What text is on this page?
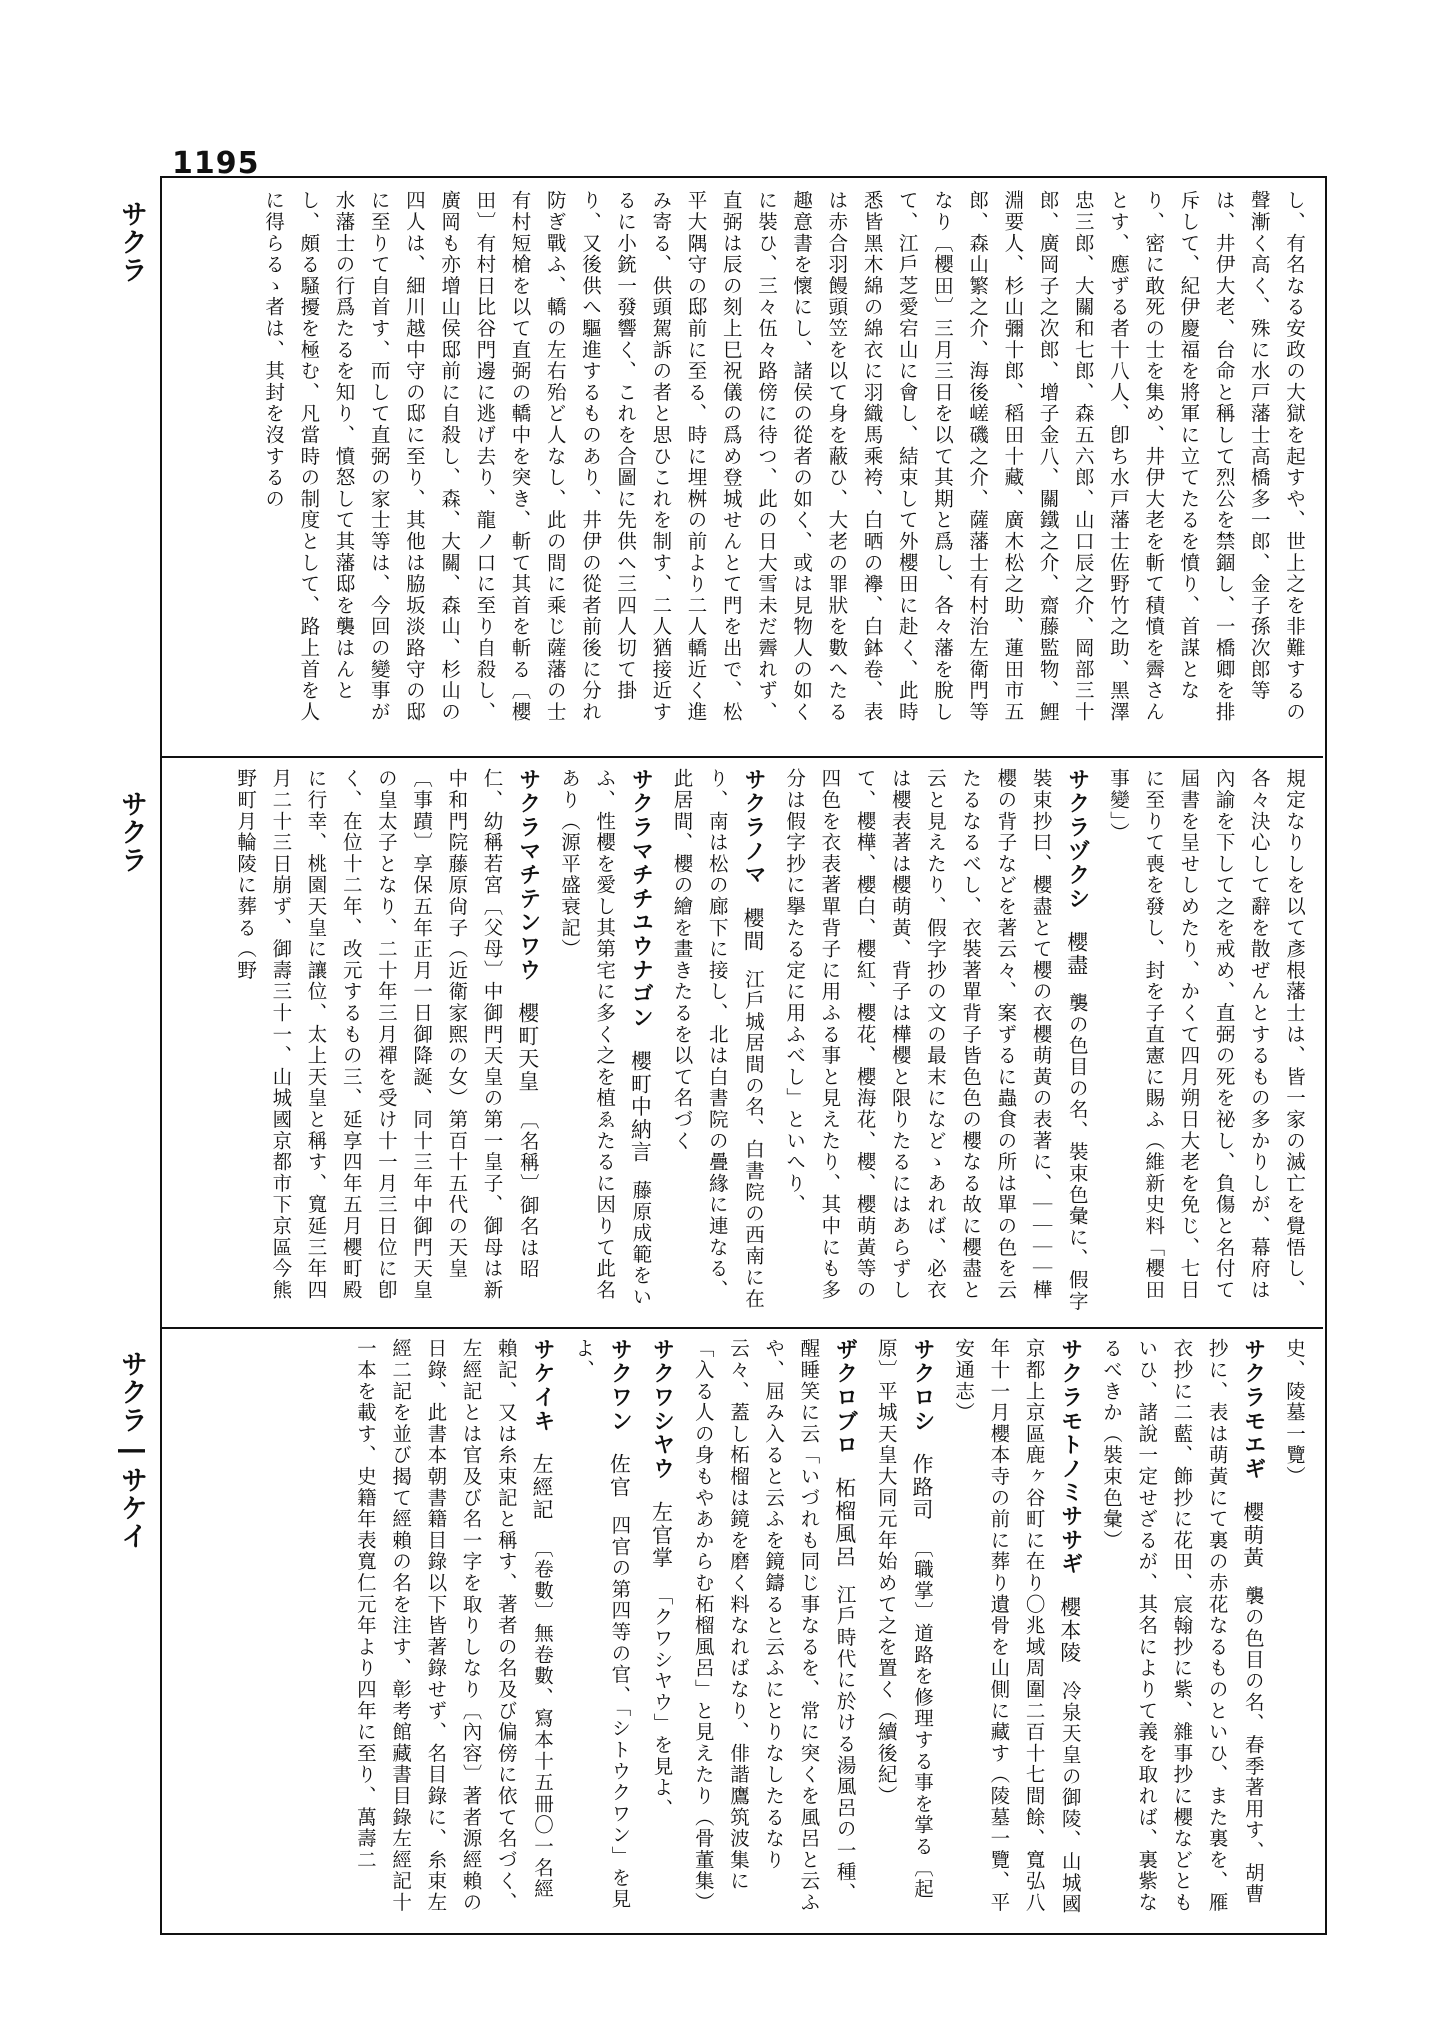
1195
サクラ
サクラ
サクラ―サケイ
し、有名なる安政の大獄を起すや、世上之を非難するの聲漸く高く、殊に水戸藩士高橋多一郎、金子孫次郎等は、井伊大老、台命と稱して烈公を禁錮し、一橋卿を排斥して、紀伊慶福を將軍に立てたるを憤り、首謀となり、密に敢死の士を集め、井伊大老を斬て積憤を霽さんとす、應ずる者十八人、卽ち水戸藩士佐野竹之助、黑澤忠三郎、大關和七郎、森五六郎、山口辰之介、岡部三十郎、廣岡子之次郎、增子金八、關鐵之介、齋藤監物、鯉淵要人、杉山彌十郎、稻田十藏、廣木松之助、蓮田市五郎、森山繁之介、海後嵯磯之介、薩藩士有村治左衛門等なり〔櫻田〕三月三日を以て其期と爲し、各々藩を脫して、江戶芝愛宕山に會し、結束して外櫻田に赴く、此時悉皆黑木綿の綿衣に羽織馬乘袴、白晒の襷、白鉢卷、表は赤合羽饅頭笠を以て身を蔽ひ、大老の罪狀を數へたる趣意書を懷にし、諸侯の從者の如く、或は見物人の如くに裝ひ、三々伍々路傍に待つ、此の日大雪未だ霽れず、直弼は辰の刻上巳祝儀の爲め登城せんとて門を出で、松平大隅守の邸前に至る、時に埋桝の前より二人轎近く進み寄る、供頭駕訴の者と思ひこれを制す、二人猶接近するに小銃一發響く、これを合圖に先供へ三四人切て掛り、又後供へ驅進するものあり、井伊の從者前後に分れ防ぎ戰ふ、轎の左右殆ど人なし、此の間に乘じ薩藩の士有村短槍を以て直弼の轎中を突き、斬て其首を斬る〔櫻田〕有村日比谷門邊に逃げ去り、龍ノ口に至り自殺し、廣岡も亦增山侯邸前に自殺し、森、大關、森山、杉山の四人は、細川越中守の邸に至り、其他は脇坂淡路守の邸に至りて自首す、而して直弼の家士等は、今回の變事が水藩士の行爲たるを知り、憤怒して其藩邸を襲はんとし、頗る騷擾を極む、凡當時の制度として、路上首を人に得らるゝ者は、其封を沒するの
規定なりしを以て彥根藩士は、皆一家の滅亡を覺悟し、各々決心して辭を散ぜんとするもの多かりしが、幕府は內諭を下して之を戒め、直弼の死を祕し、負傷と名付て屆書を呈せしめたり、かくて四月朔日大老を免じ、七日に至りて喪を發し、封を子直憲に賜ふ（維新史料「櫻田事變」）
サクラヅクシ 櫻盡 襲の色目の名、裝束色彙に、假字裝束抄曰、櫻盡とて櫻の衣櫻萌黃の表著に、｜｜｜｜樺櫻の背子などを著云々、案ずるに蟲食の所は單の色を云たるなるべし、衣裝著單背子皆色色の櫻なる故に櫻盡と云と見えたり、假字抄の文の最末になどゝあれば、必衣は櫻表著は櫻萌黃、背子は樺櫻と限りたるにはあらずして、櫻樺、櫻白、櫻紅、櫻花、櫻海花、櫻、櫻萌黃等の四色を衣表著單背子に用ふる事と見えたり、其中にも多分は假字抄に擧たる定に用ふべし」といへり、
サクラノマ 櫻間 江戶城居間の名、白書院の西南に在り、南は松の廊下に接し、北は白書院の疊緣に連なる、此居間、櫻の繪を畫きたるを以て名づく
サクラマチチユウナゴン 櫻町中納言 藤原成範をいふ、性櫻を愛し其第宅に多く之を植ゑたるに因りて此名あり（源平盛衰記）
サクラマチテンワウ 櫻町天皇 〔名稱〕御名は昭仁、幼稱若宮〔父母〕中御門天皇の第一皇子、御母は新中和門院藤原尙子（近衛家煕の女）第百十五代の天皇〔事蹟〕享保五年正月一日御降誕、同十三年中御門天皇の皇太子となり、二十年三月禪を受け十一月三日位に卽く、在位十二年、改元するもの三、延享四年五月櫻町殿に行幸、桃園天皇に讓位、太上天皇と稱す、寬延三年四月二十三日崩ず、御壽三十一、山城國京都市下京區今熊野町月輪陵に葬る（野
史、陵墓一覽）
サクラモエギ 櫻萌黃 襲の色目の名、春季著用す、胡曹抄に、表は萌黃にて裏の赤花なるものといひ、また裏を、雁衣抄に二藍、飾抄に花田、宸翰抄に紫、雜事抄に櫻などともいひ、諸說一定せざるが、其名によりて義を取れば、裏紫なるべきか（裝束色彙）
サクラモトノミササギ 櫻本陵 冷泉天皇の御陵、山城國京都上京區鹿ヶ谷町に在り〇兆域周圍二百十七間餘、寬弘八年十一月櫻本寺の前に葬り遺骨を山側に藏す（陵墓一覽、平安通志）
サクロシ 作路司 〔職掌〕道路を修理する事を掌る〔起原〕平城天皇大同元年始めて之を置く（續後紀）
ザクロブロ 柘榴風呂 江戶時代に於ける湯風呂の一種、醒睡笑に云「いづれも同じ事なるを、常に突くを風呂と云ふや、屈み入ると云ふを鏡鑄ると云ふにとりなしたるなり云々、蓋し柘榴は鏡を磨く料なればなり、俳諧鷹筑波集に「入る人の身もやあからむ柘榴風呂」と見えたり（骨董集）
サクワシヤウ 左官掌 「クワシヤウ」を見よ、
サクワン 佐官 四官の第四等の官、「シトウクワン」を見よ、
サケイキ 左經記 〔卷數〕無卷數、寫本十五冊〇一名經賴記、又は糸束記と稱す、著者の名及び偏傍に依て名づく、左經記とは官及び名一字を取りしなり〔內容〕著者源經賴の日錄、此書本朝書籍目錄以下皆著錄せず、名目錄に、糸束左經二記を並び揭て經賴の名を注す、彰考館藏書目錄左經記十一本を載す、史籍年表寬仁元年より四年に至り、萬壽二
